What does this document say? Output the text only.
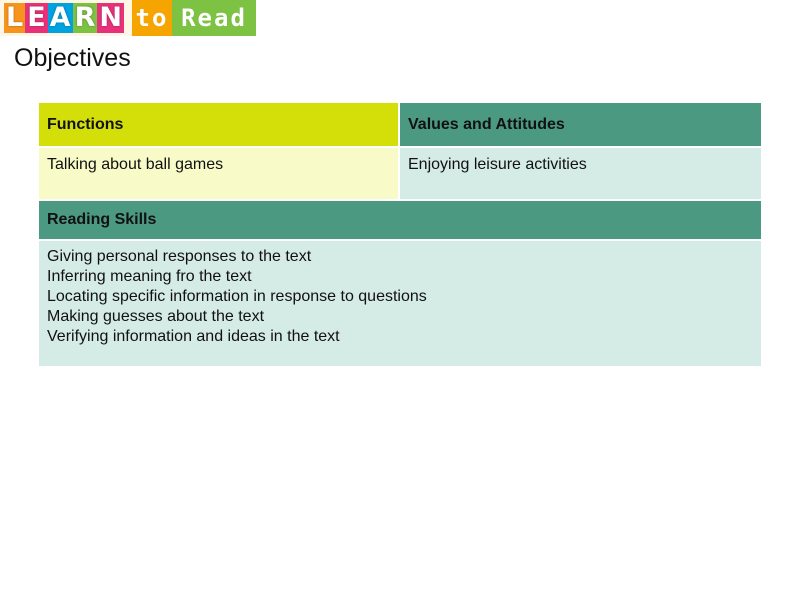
L E A R N to Read
Objectives
Functions	Values and Attitudes
Talking about ball games	Enjoying leisure activities
Reading Skills
Giving personal responses to the text
Inferring meaning fro the text
Locating specific information in response to questions
Making guesses about the text
Verifying information and ideas in the text
